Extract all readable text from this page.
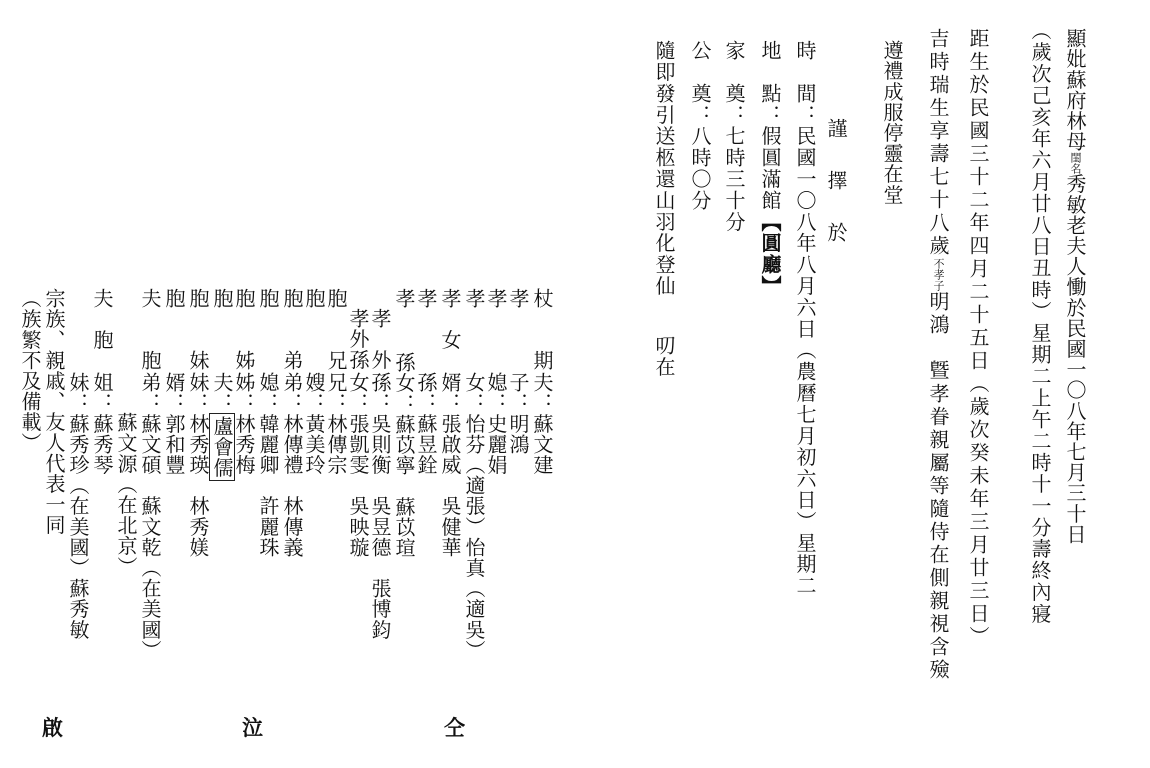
顯妣蘇府林母閨名秀敏老夫人慟於民國一〇八年七月三十日
（歲次己亥年六月廿八日丑時）星期二上午二時十一分壽終內寢
距生於民國三十二年四月二十五日（歲次癸未年三月廿三日）
吉時瑞生享壽七十八歲不孝子明鴻　曁孝眷親屬等隨侍在側親視含殮
遵禮成服停靈在堂
謹　擇　於
時　間：民國一〇八年八月六日（農曆七月初六日）星期二
地　點：假圓滿館【圓廳】
家　奠：七時三十分
公　奠：八時〇分
隨即發引送柩還山羽化登仙叨在
杖　　期
夫：蘇文建
孝
子：明鴻
孝
媳：史麗娟
孝
女：怡芬（適張）怡真（適吳）
孝　女
婿：張啟威　吳健華
孝
孫：蘇昱銓
孝
孫女：蘇苡寧　蘇苡瑄
孝　外
孫：吳則衡　吳昱德　張博鈞
孝外孫
女：張凱雯　吳映璇
胞　　兄
兄：林傳宗
胞
嫂：黃美玲
胞　　弟
弟：林傳禮　林傳義
胞
媳：韓麗卿　許麗珠
胞　　姊
姊：林秀梅
胞
夫：盧會儒
胞　　妹
妹：林秀瑛　林秀媄
胞
婿：郭和豐
夫　　胞
弟：蘇文碩　蘇文乾（在美國）
蘇文源（在北京）
夫　胞
姐：蘇秀琴
妹：蘇秀珍（在美國）蘇秀敏
宗族、親戚、友人代表一同
（族繁不及備載）
啟	泣	仝
